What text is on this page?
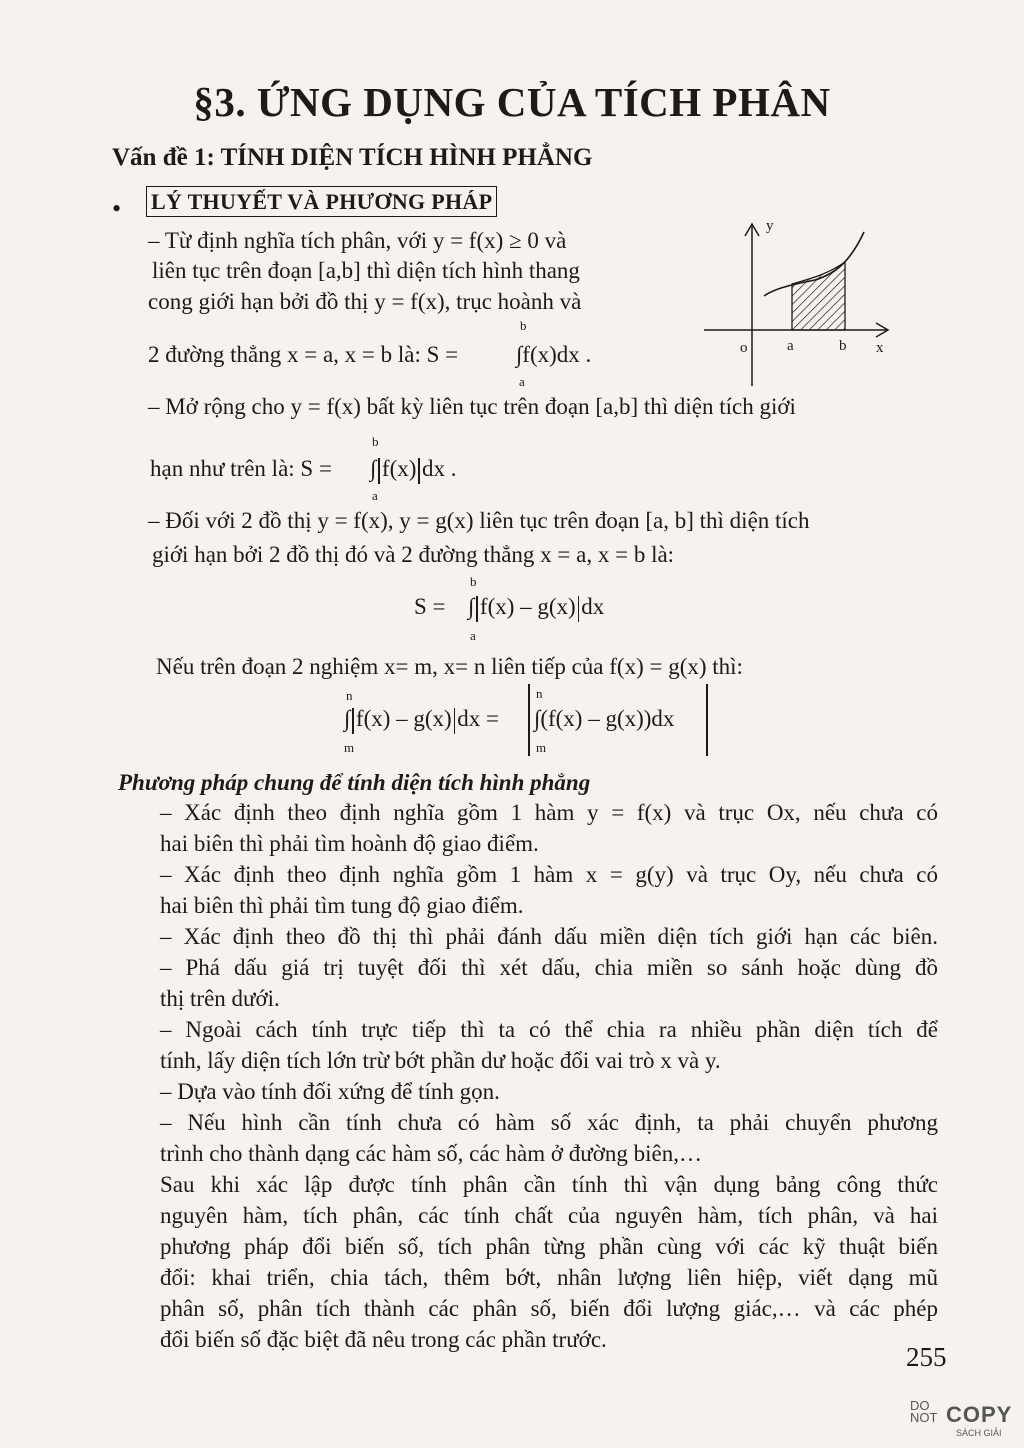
§3. ỨNG DỤNG CỦA TÍCH PHÂN
Vấn đề 1: TÍNH DIỆN TÍCH HÌNH PHẲNG
• LÝ THUYẾT VÀ PHƯƠNG PHÁP
– Từ định nghĩa tích phân, với y = f(x) ≥ 0 và
liên tục trên đoạn [a,b] thì diện tích hình thang
cong giới hạn bởi đồ thị y = f(x), trục hoành và
2 đường thẳng x = a, x = b là: S =
b
∫f(x)dx .
a
y
x
o	a	b
– Mở rộng cho y = f(x) bất kỳ liên tục trên đoạn [a,b] thì diện tích giới
hạn như trên là: S =
b
∫ f(x) dx .
a
– Đối với 2 đồ thị y = f(x), y = g(x) liên tục trên đoạn [a, b] thì diện tích
giới hạn bởi 2 đồ thị đó và 2 đường thẳng x = a, x = b là:
S =
b
∫ f(x) – g(x) dx
a
Nếu trên đoạn 2 nghiệm x= m, x= n liên tiếp của f(x) = g(x) thì:
n
∫ f(x) – g(x) dx =
m
n
∫(f(x) – g(x))dx
m
Phương pháp chung để tính diện tích hình phẳng
– Xác định theo định nghĩa gồm 1 hàm y = f(x) và trục Ox, nếu chưa có
hai biên thì phải tìm hoành độ giao điểm.
– Xác định theo định nghĩa gồm 1 hàm x = g(y) và trục Oy, nếu chưa có
hai biên thì phải tìm tung độ giao điểm.
– Xác định theo đồ thị thì phải đánh dấu miền diện tích giới hạn các biên.
– Phá dấu giá trị tuyệt đối thì xét dấu, chia miền so sánh hoặc dùng đồ
thị trên dưới.
– Ngoài cách tính trực tiếp thì ta có thể chia ra nhiều phần diện tích để
tính, lấy diện tích lớn trừ bớt phần dư hoặc đổi vai trò x và y.
– Dựa vào tính đối xứng để tính gọn.
– Nếu hình cần tính chưa có hàm số xác định, ta phải chuyển phương
trình cho thành dạng các hàm số, các hàm ở đường biên,…
Sau khi xác lập được tính phân cần tính thì vận dụng bảng công thức
nguyên hàm, tích phân, các tính chất của nguyên hàm, tích phân, và hai
phương pháp đổi biến số, tích phân từng phần cùng với các kỹ thuật biến
đổi: khai triển, chia tách, thêm bớt, nhân lượng liên hiệp, viết dạng mũ
phân số, phân tích thành các phân số, biến đổi lượng giác,… và các phép
đổi biến số đặc biệt đã nêu trong các phần trước.
255
DO
NOT COPY
SÁCH GIẢI
